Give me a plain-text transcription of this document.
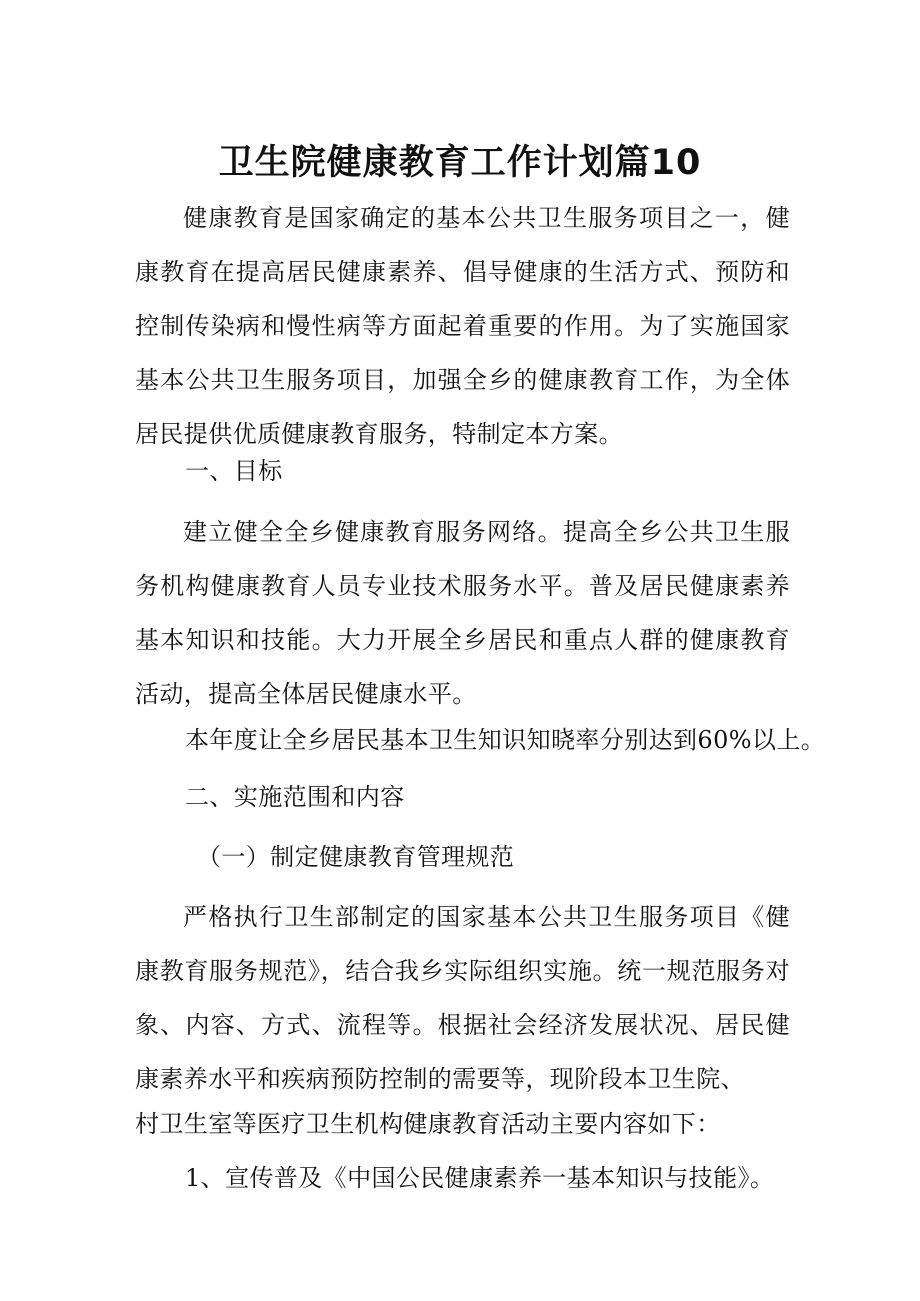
卫生院健康教育工作计划篇10

健康教育是国家确定的基本公共卫生服务项目之一，健康教育在提高居民健康素养、倡导健康的生活方式、预防和控制传染病和慢性病等方面起着重要的作用。为了实施国家基本公共卫生服务项目，加强全乡的健康教育工作，为全体居民提供优质健康教育服务，特制定本方案。

一、目标

建立健全全乡健康教育服务网络。提高全乡公共卫生服务机构健康教育人员专业技术服务水平。普及居民健康素养基本知识和技能。大力开展全乡居民和重点人群的健康教育活动，提高全体居民健康水平。

本年度让全乡居民基本卫生知识知晓率分别达到60%以上。

二、实施范围和内容

（一）制定健康教育管理规范

严格执行卫生部制定的国家基本公共卫生服务项目《健康教育服务规范》，结合我乡实际组织实施。统一规范服务对象、内容、方式、流程等。根据社会经济发展状况、居民健康素养水平和疾病预防控制的需要等，现阶段本卫生院、

村卫生室等医疗卫生机构健康教育活动主要内容如下：

1、宣传普及《中国公民健康素养一基本知识与技能》。
